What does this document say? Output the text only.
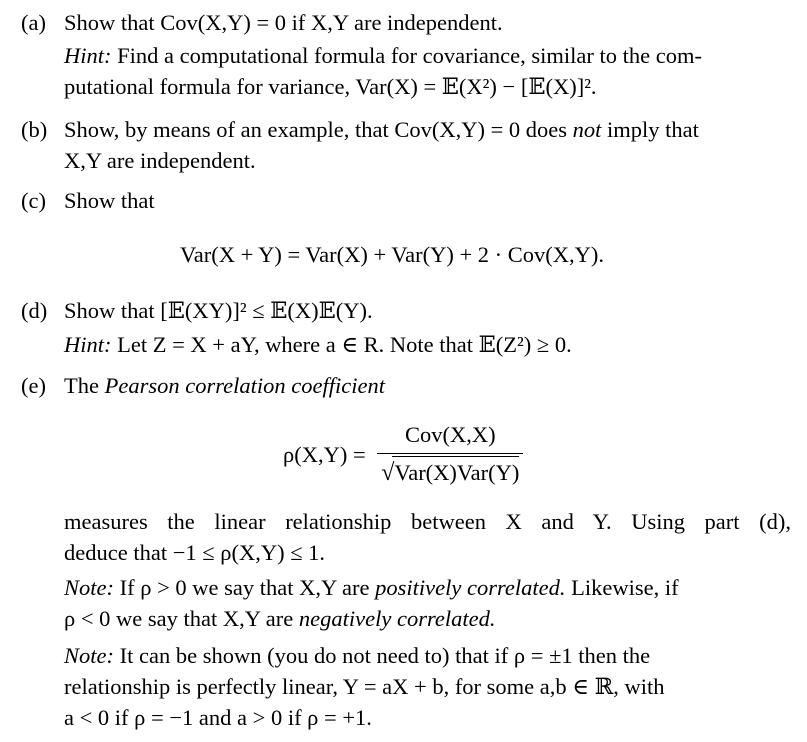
(a) Show that Cov(X,Y) = 0 if X,Y are independent.
Hint: Find a computational formula for covariance, similar to the com-
putational formula for variance, Var(X) = 𝔼(X²) − [𝔼(X)]².
(b) Show, by means of an example, that Cov(X,Y) = 0 does not imply that
X,Y are independent.
(c) Show that
Var(X + Y) = Var(X) + Var(Y) + 2 · Cov(X,Y).
(d) Show that [𝔼(XY)]² ≤ 𝔼(X)𝔼(Y).
Hint: Let Z = X + aY, where a ∈ R. Note that 𝔼(Z²) ≥ 0.
(e) The Pearson correlation coefficient
$\rho(X,Y) = \frac{\text{Cov(X,X)}}{\text{√Var(X)Var(Y)}}$
measures the linear relationship between X and Y. Using part (d),
deduce that −1 ≤ ρ(X,Y) ≤ 1.
Note: If ρ > 0 we say that X,Y are positively correlated. Likewise, if
ρ < 0 we say that X,Y are negatively correlated.
Note: It can be shown (you do not need to) that if ρ = ±1 then the
relationship is perfectly linear, Y = aX + b, for some a,b ∈ ℝ, with
a < 0 if ρ = −1 and a > 0 if ρ = +1.
